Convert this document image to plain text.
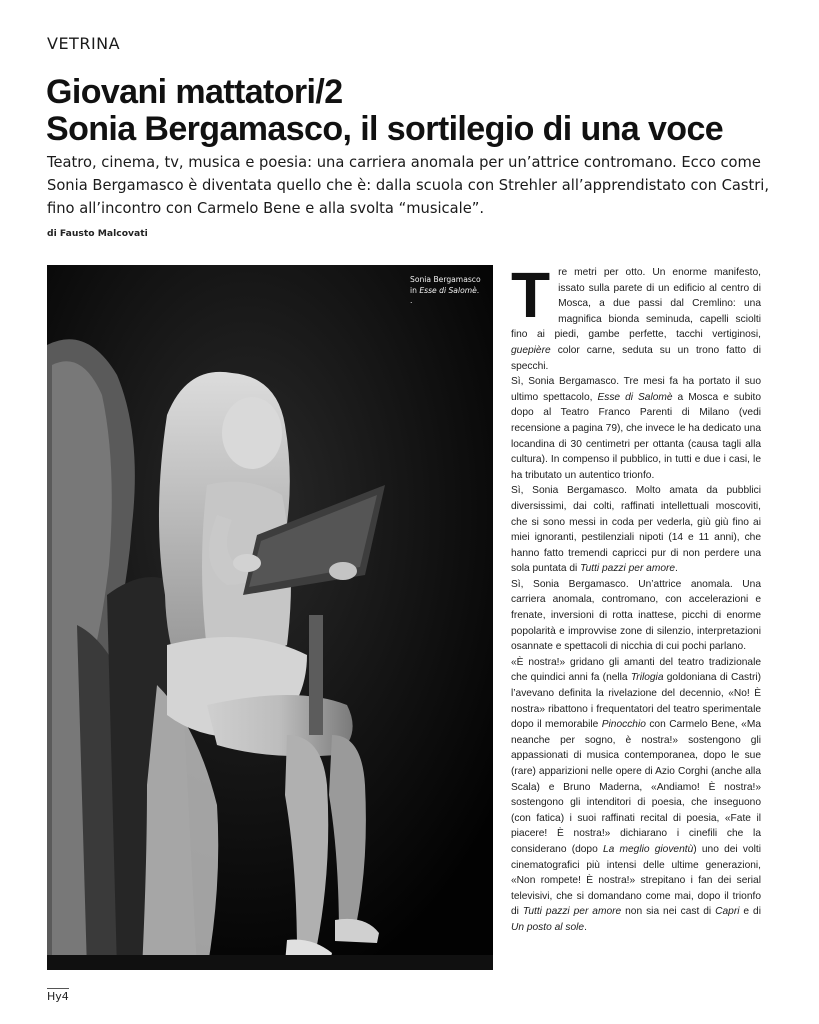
VETRINA
Giovani mattatori/2
Sonia Bergamasco, il sortilegio di una voce
Teatro, cinema, tv, musica e poesia: una carriera anomala per un’attrice contromano. Ecco come
Sonia Bergamasco è diventata quello che è: dalla scuola con Strehler all’apprendistato con Castri,
fino all’incontro con Carmelo Bene e alla svolta “musicale”.
di Fausto Malcovati
Sonia Bergamasco
in Esse di Salomè.
.	Tre metri per otto. Un enorme manifesto, issato sulla parete di un edificio al centro di Mosca, a due passi dal Cremlino: una magnifica bionda seminuda, capelli sciolti fino ai piedi, gambe perfette, tacchi vertiginosi, guepière color carne, seduta su un trono fatto di specchi.

Sì, Sonia Bergamasco. Tre mesi fa ha portato il suo ultimo spettacolo, Esse di Salomè a Mosca e subito dopo al Teatro Franco Parenti di Milano (vedi recensione a pagina 79), che invece le ha dedicato una locandina di 30 centimetri per ottanta (causa tagli alla cultura). In compenso il pubblico, in tutti e due i casi, le ha tributato un autentico trionfo.

Sì, Sonia Bergamasco. Molto amata da pubblici diversissimi, dai colti, raffinati intellettuali moscoviti, che si sono messi in coda per vederla, giù giù fino ai miei ignoranti, pestilenziali nipoti (14 e 11 anni), che hanno fatto tremendi capricci pur di non perdere una sola puntata di Tutti pazzi per amore.

Sì, Sonia Bergamasco. Un’attrice anomala. Una carriera anomala, contromano, con accelerazioni e frenate, inversioni di rotta inattese, picchi di enorme popolarità e improvvise zone di silenzio, interpretazioni osannate e spettacoli di nicchia di cui pochi parlano.

«È nostra!» gridano gli amanti del teatro tradizionale che quindici anni fa (nella Trilogia goldoniana di Castri) l’avevano definita la rivelazione del decennio, «No! È nostra» ribattono i frequentatori del teatro sperimentale dopo il memorabile Pinocchio con Carmelo Bene, «Ma neanche per sogno, è nostra!» sostengono gli appassionati di musica contemporanea, dopo le sue (rare) apparizioni nelle opere di Azio Corghi (anche alla Scala) e Bruno Maderna, «Andiamo! È nostra!» sostengono gli intenditori di poesia, che inseguono (con fatica) i suoi raffinati recital di poesia, «Fate il piacere! È nostra!» dichiarano i cinefili che la considerano (dopo La meglio gioventù) uno dei volti cinematografici più intensi delle ultime generazioni, «Non rompete! È nostra!» strepitano i fan dei serial televisivi, che si domandano come mai, dopo il trionfo di Tutti pazzi per amore non sia nei cast di Capri e di Un posto al sole.

Hy4
